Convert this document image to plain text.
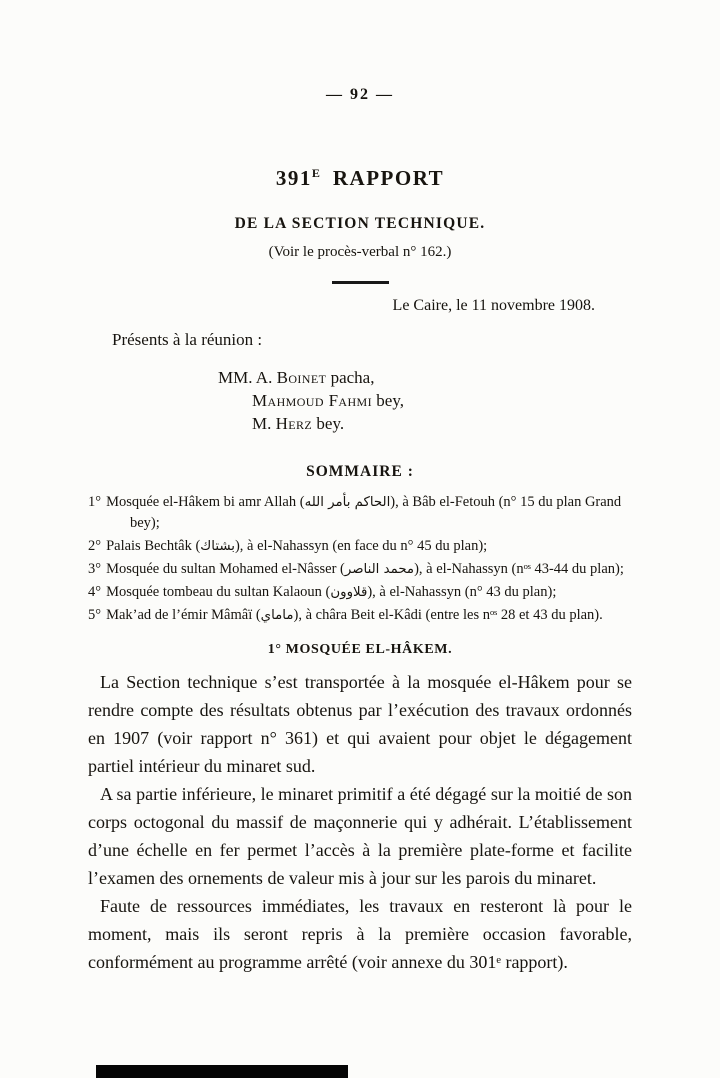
— 92 —
$391^E$ RAPPORT
DE LA SECTION TECHNIQUE.
(Voir le procès-verbal n° 162.)
Le Caire, le 11 novembre 1908.
Présents à la réunion :
MM. A. Boinet pacha,
Mahmoud Fahmi bey,
M. Herz bey.
SOMMAIRE :

1° Mosquée el-Hâkem bi amr Allah (الحاكم بأمر الله), à Bâb el-Fetouh (n° 15 du plan Grand bey);

2° Palais Bechtâk (بشتاك), à el-Nahassyn (en face du n° 45 du plan);

3° Mosquée du sultan Mohamed el-Nâsser (محمد الناصر), à el-Nahassyn (nᵒˢ 43-44 du plan);

4° Mosquée tombeau du sultan Kalaoun (قلاوون), à el-Nahassyn (n° 43 du plan);

5° Mak’ad de l’émir Mâmâï (ماماي), à châra Beit el-Kâdi (entre les nᵒˢ 28 et 43 du plan).

1° MOSQUÉE EL-HÂKEM.

La Section technique s’est transportée à la mosquée el-Hâkem pour se rendre compte des résultats obtenus par l’exécution des travaux ordonnés en 1907 (voir rapport n° 361) et qui avaient pour objet le dégagement partiel intérieur du minaret sud.

A sa partie inférieure, le minaret primitif a été dégagé sur la moitié de son corps octogonal du massif de maçonnerie qui y adhérait. L’établissement d’une échelle en fer permet l’accès à la première plate-forme et facilite l’examen des ornements de valeur mis à jour sur les parois du minaret.

Faute de ressources immédiates, les travaux en resteront là pour le moment, mais ils seront repris à la première occasion favorable, conformément au programme arrêté (voir annexe du 301ᵉ rapport).
